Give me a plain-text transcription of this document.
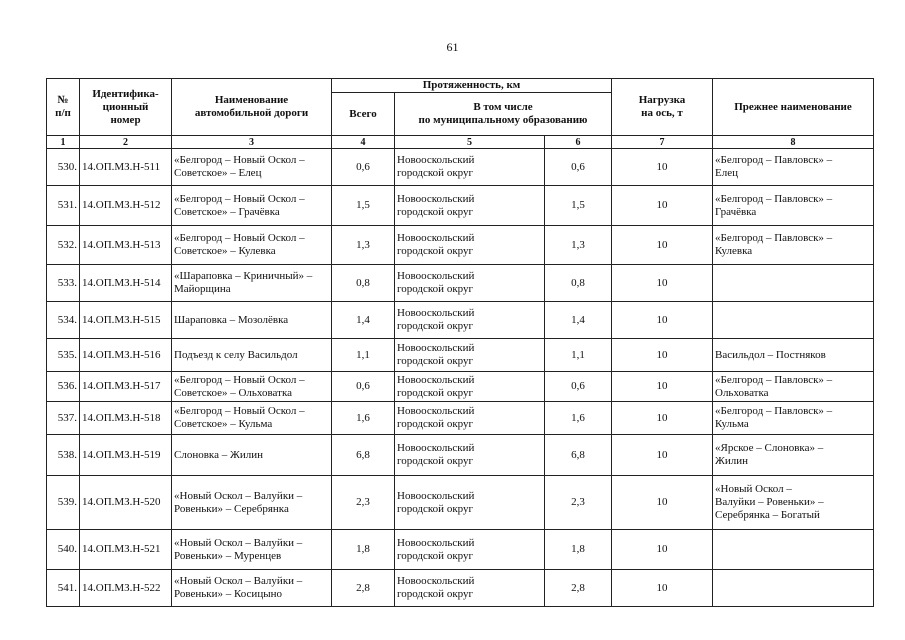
61
№
п/п	Идентифика-
ционный
номер	Наименование
автомобильной дороги	Протяженность, км			Нагрузка
на ось, т	Прежнее наименование
			Всего	В том числе
по муниципальному образованию			
1	2	3	4	5	6	7	8
530.	14.ОП.МЗ.Н-511	«Белгород – Новый Оскол –
Советское» – Елец	0,6	Новооскольский
городской округ	0,6	10	«Белгород – Павловск» –
Елец
531.	14.ОП.МЗ.Н-512	«Белгород – Новый Оскол –
Советское» – Грачёвка	1,5	Новооскольский
городской округ	1,5	10	«Белгород – Павловск» –
Грачёвка
532.	14.ОП.МЗ.Н-513	«Белгород – Новый Оскол –
Советское» – Кулевка	1,3	Новооскольский
городской округ	1,3	10	«Белгород – Павловск» –
Кулевка
533.	14.ОП.МЗ.Н-514	«Шараповка – Криничный» –
Майорщина	0,8	Новооскольский
городской округ	0,8	10	
534.	14.ОП.МЗ.Н-515	Шараповка – Мозолёвка	1,4	Новооскольский
городской округ	1,4	10	
535.	14.ОП.МЗ.Н-516	Подъезд к селу Васильдол	1,1	Новооскольский
городской округ	1,1	10	Васильдол – Постняков
536.	14.ОП.МЗ.Н-517	«Белгород – Новый Оскол –
Советское» – Ольховатка	0,6	Новооскольский
городской округ	0,6	10	«Белгород – Павловск» –
Ольховатка
537.	14.ОП.МЗ.Н-518	«Белгород – Новый Оскол –
Советское» – Кульма	1,6	Новооскольский
городской округ	1,6	10	«Белгород – Павловск» –
Кульма
538.	14.ОП.МЗ.Н-519	Слоновка – Жилин	6,8	Новооскольский
городской округ	6,8	10	«Ярское – Слоновка» –
Жилин
539.	14.ОП.МЗ.Н-520	«Новый Оскол – Валуйки –
Ровеньки» – Серебрянка	2,3	Новооскольский
городской округ	2,3	10	«Новый Оскол –
Валуйки – Ровеньки» –
Серебрянка – Богатый
540.	14.ОП.МЗ.Н-521	«Новый Оскол – Валуйки –
Ровеньки» – Муренцев	1,8	Новооскольский
городской округ	1,8	10	
541.	14.ОП.МЗ.Н-522	«Новый Оскол – Валуйки –
Ровеньки» – Косицыно	2,8	Новооскольский
городской округ	2,8	10	
